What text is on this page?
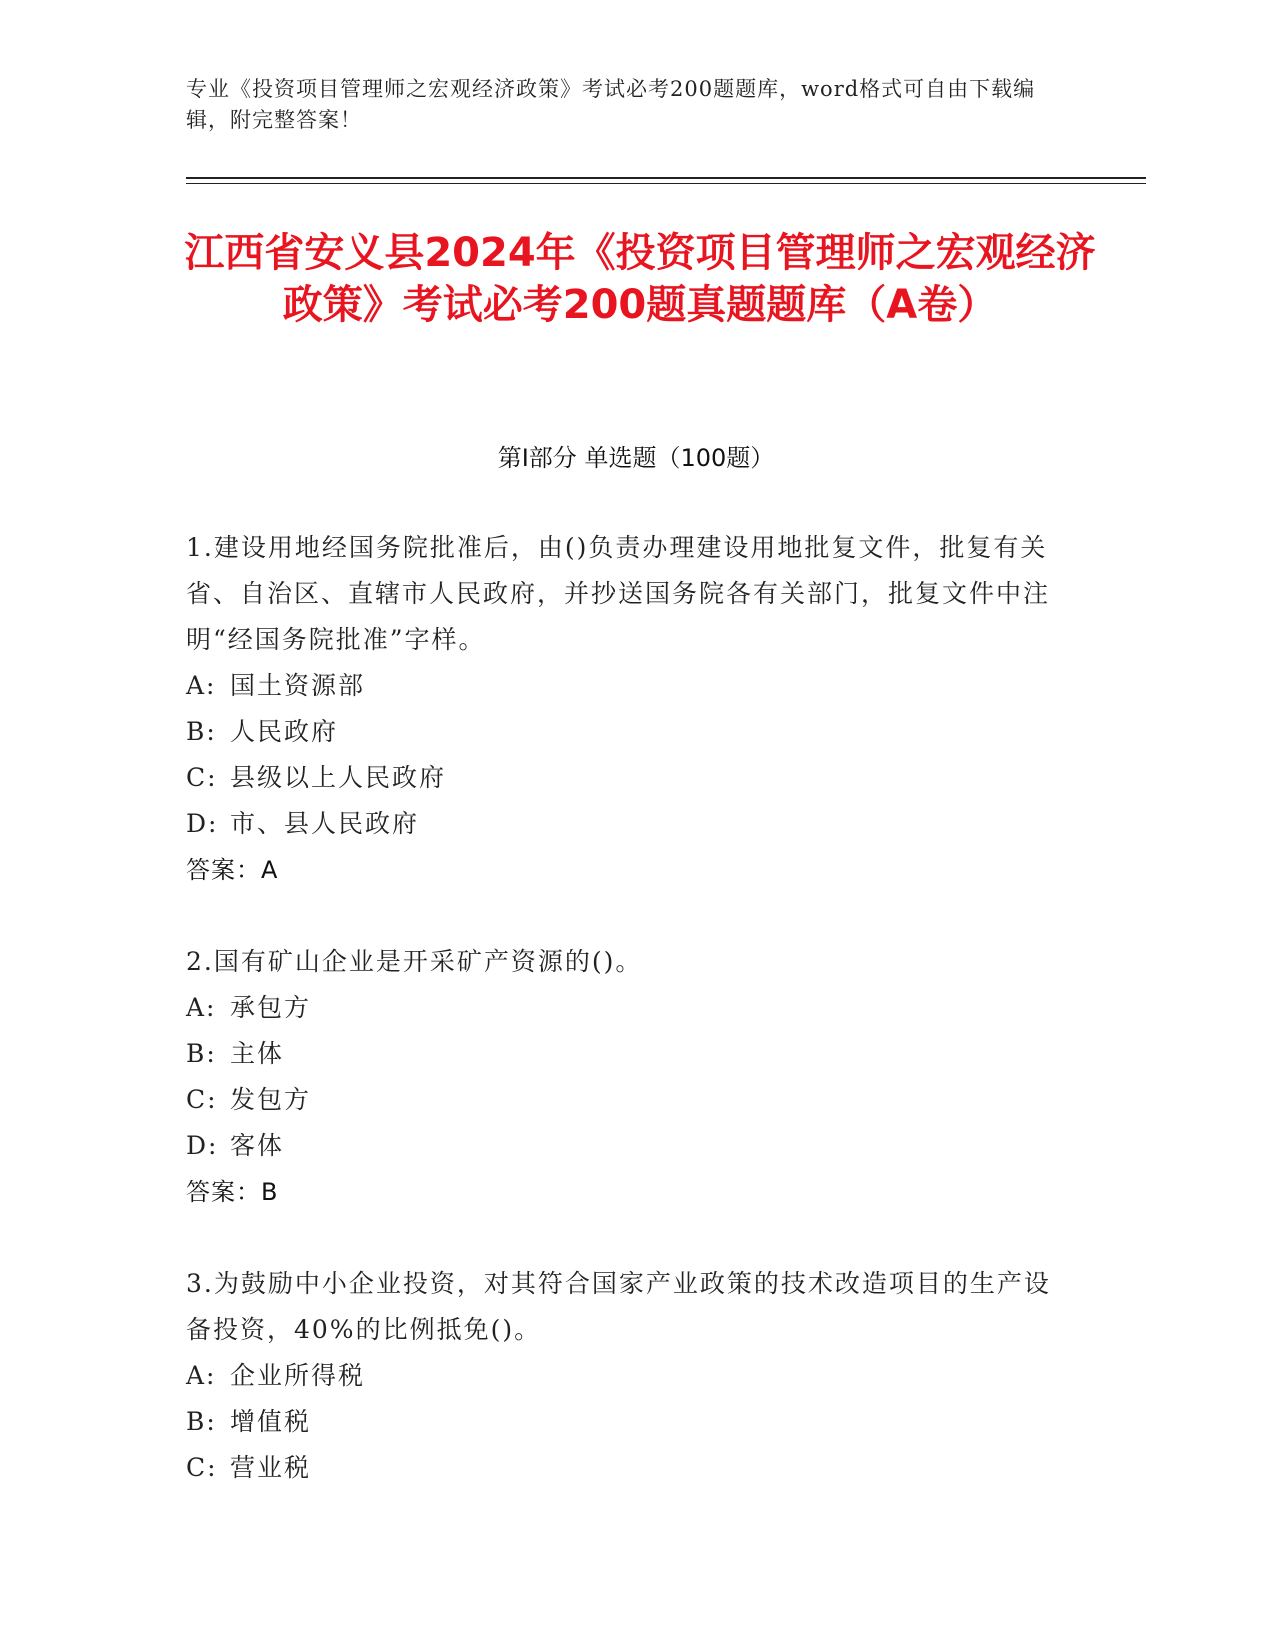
专业《投资项目管理师之宏观经济政策》考试必考200题题库，word格式可自由下载编辑，附完整答案！
江西省安义县2024年《投资项目管理师之宏观经济政策》考试必考200题真题题库（A卷）
第I部分 单选题（100题）
1.建设用地经国务院批准后，由()负责办理建设用地批复文件，批复有关省、自治区、直辖市人民政府，并抄送国务院各有关部门，批复文件中注明“经国务院批准”字样。
A: 国土资源部
B: 人民政府
C: 县级以上人民政府
D: 市、县人民政府
答案：A
2.国有矿山企业是开采矿产资源的()。
A: 承包方
B: 主体
C: 发包方
D: 客体
答案：B
3.为鼓励中小企业投资，对其符合国家产业政策的技术改造项目的生产设备投资，40%的比例抵免()。
A: 企业所得税
B: 增值税
C: 营业税
